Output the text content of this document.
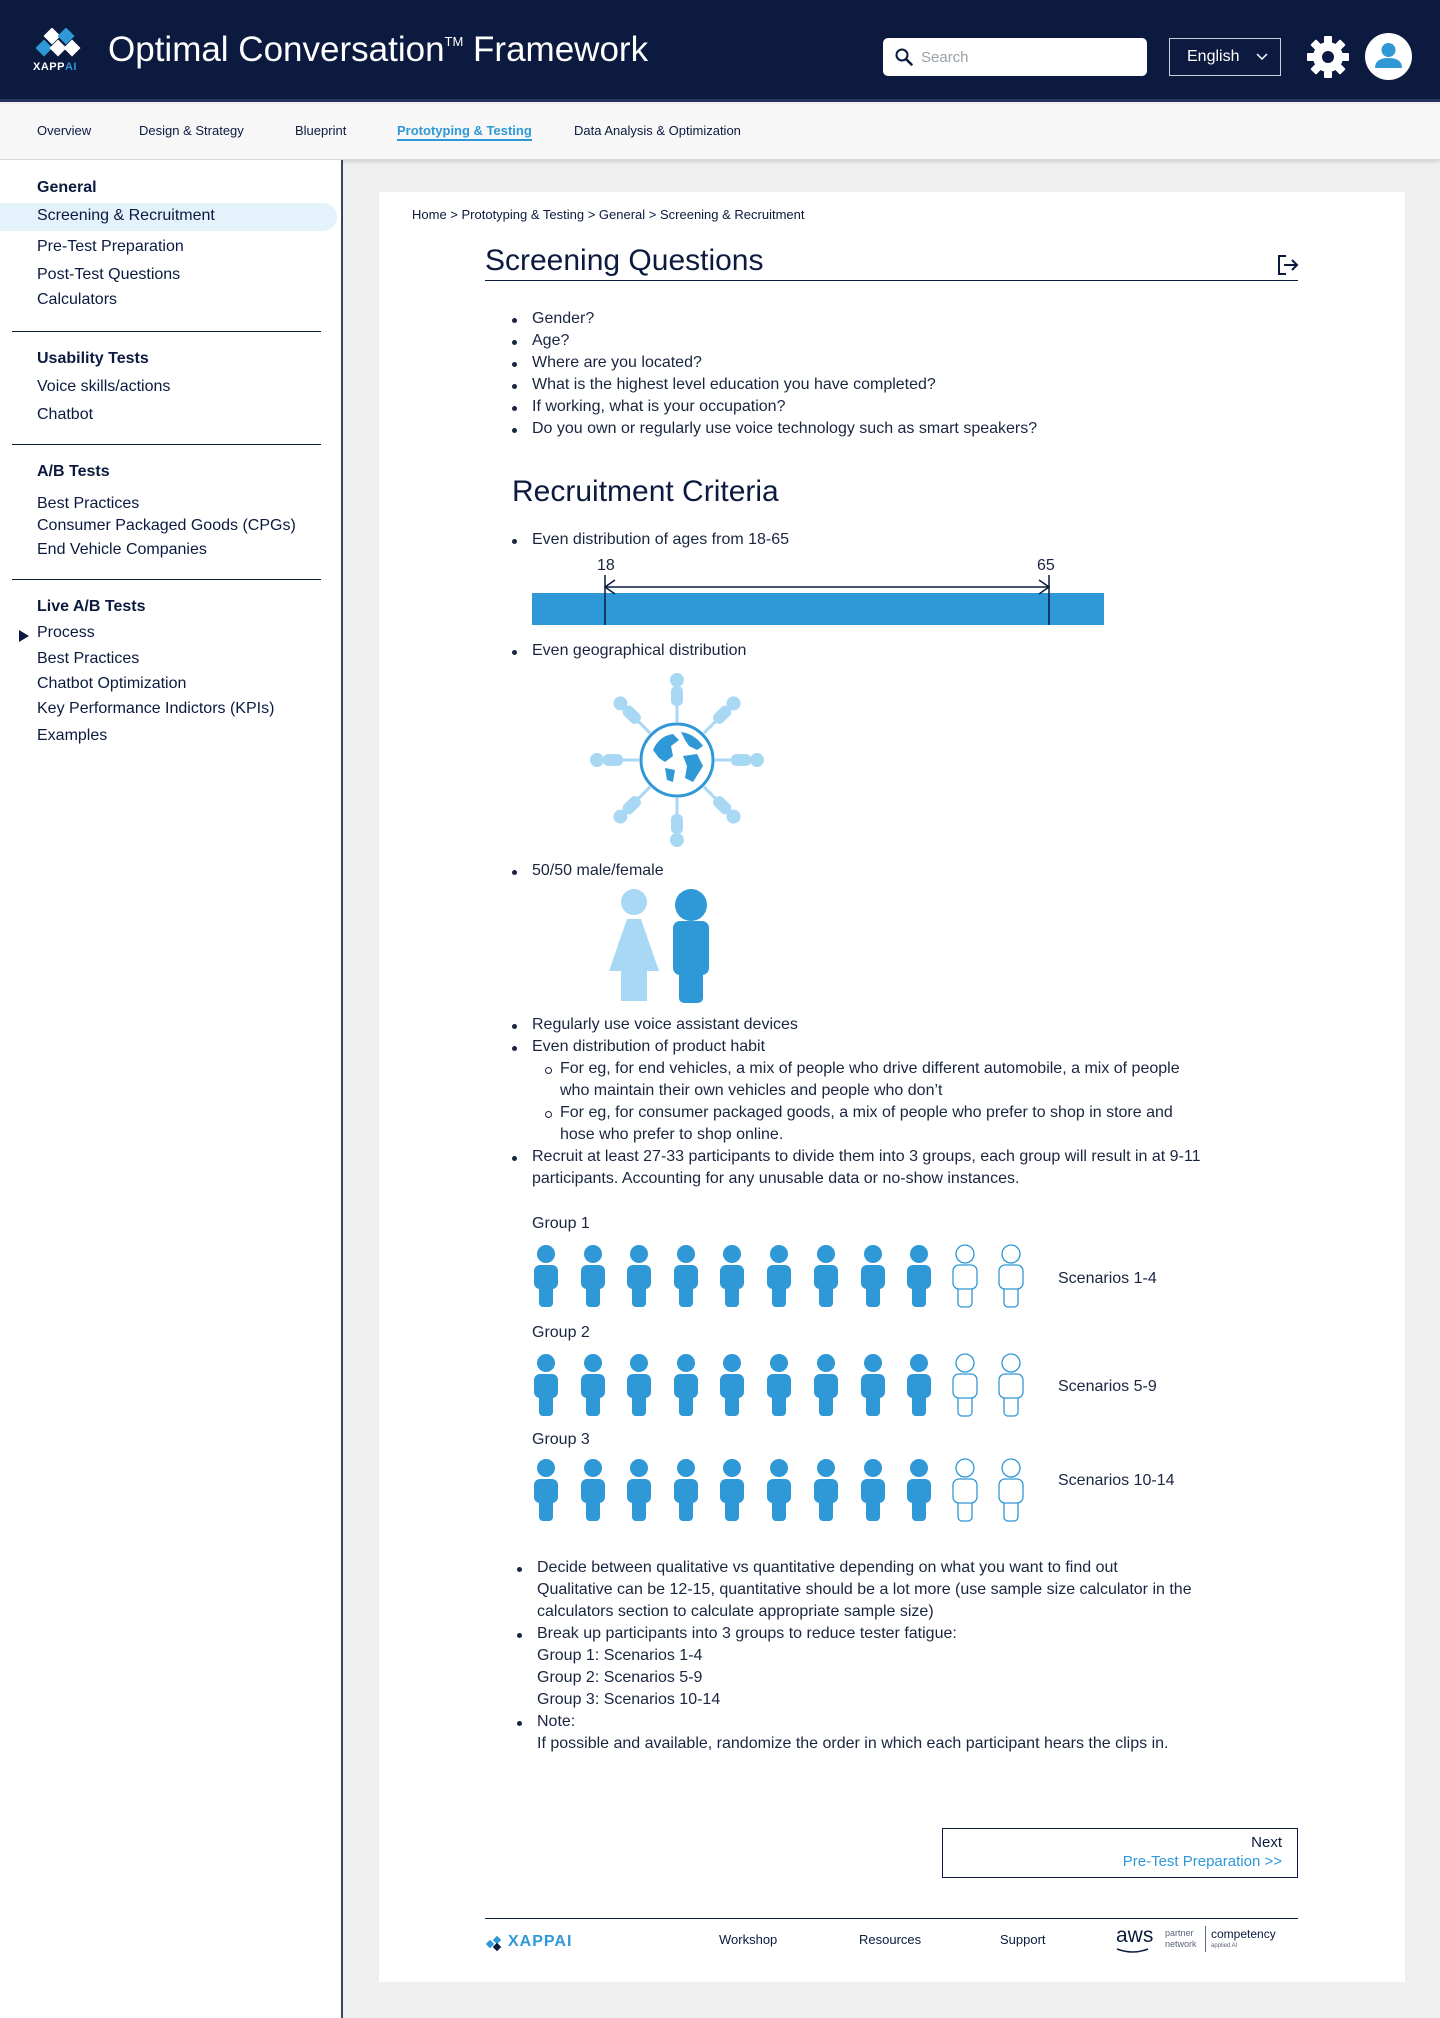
XAPPAI Optimal Conversation™ Framework
Search	English
Overview	Design & Strategy	Blueprint	Prototyping & Testing	Data Analysis & Optimization
General
Screening & Recruitment
Pre-Test Preparation
Post-Test Questions
Calculators
Usability Tests
Voice skills/actions
Chatbot
A/B Tests
Best Practices
Consumer Packaged Goods (CPGs)
End Vehicle Companies
Live A/B Tests
Process
Best Practices
Chatbot Optimization
Key Performance Indictors (KPIs)
Examples
Home > Prototyping & Testing > General > Screening & Recruitment
Screening Questions
Gender?
Age?
Where are you located?
What is the highest level education you have completed?
If working, what is your occupation?
Do you own or regularly use voice technology such as smart speakers?
Recruitment Criteria
Even distribution of ages from 18-65
18	65
Even geographical distribution
50/50 male/female
Regularly use voice assistant devices
Even distribution of product habit
For eg, for end vehicles, a mix of people who drive different automobile, a mix of people
who maintain their own vehicles and people who don’t
For eg, for consumer packaged goods, a mix of people who prefer to shop in store and
hose who prefer to shop online.
Recruit at least 27-33 participants to divide them into 3 groups, each group will result in at 9-11
participants. Accounting for any unusable data or no-show instances.
Group 1
Scenarios 1-4
Group 2
Scenarios 5-9
Group 3
Scenarios 10-14
Decide between qualitative vs quantitative depending on what you want to find out
Qualitative can be 12-15, quantitative should be a lot more (use sample size calculator in the
calculators section to calculate appropriate sample size)
Break up participants into 3 groups to reduce tester fatigue:
Group 1: Scenarios 1-4
Group 2: Scenarios 5-9
Group 3: Scenarios 10-14
Note:
If possible and available, randomize the order in which each participant hears the clips in.
Next
Pre-Test Preparation >>
XAPPAI	Workshop	Resources	Support	aws partner
network
competency
applied AI
